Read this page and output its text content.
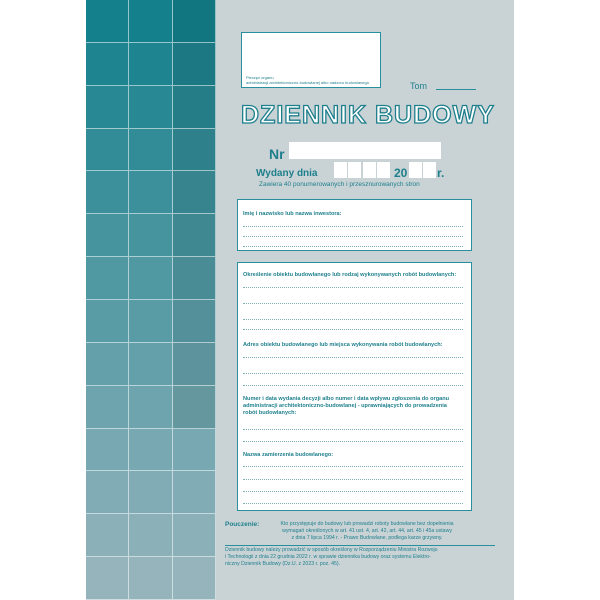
Pieczęć organu
administracji architektoniczno-budowlanej albo nadzoru budowlanego	Tom
DZIENNIK BUDOWY
Nr
Wydany dnia	20 r.
Zawiera 40 ponumerowanych i przesznurowanych stron
Imię i nazwisko lub nazwa inwestora:
Określenie obiektu budowlanego lub rodzaj wykonywanych robót budowlanych:
Adres obiektu budowlanego lub miejsca wykonywania robót budowlanych:
Numer i data wydania decyzji albo numer i data wpływu zgłoszenia do organu
administracji architektoniczno-budowlanej - uprawniających do prowadzenia
robót budowlanych:
Nazwa zamierzenia budowlanego:
Pouczenie:	Kto przystępuje do budowy lub prowadzi roboty budowlane bez dopełnienia
wymagań określonych w art. 41 ust. 4, art. 42, art. 44, art. 45 i 45a ustawy
z dnia 7 lipca 1994 r. - Prawo Budowlane, podlega karze grzywny.
Dziennik budowy należy prowadzić w sposób określony w Rozporządzeniu Ministra Rozwoju
i Technologii z dnia 22 grudnia 2022 r. w sprawie dziennika budowy oraz systemu Elektro-
niczny Dziennik Budowy (Dz.U. z 2023 r. poz. 45).
